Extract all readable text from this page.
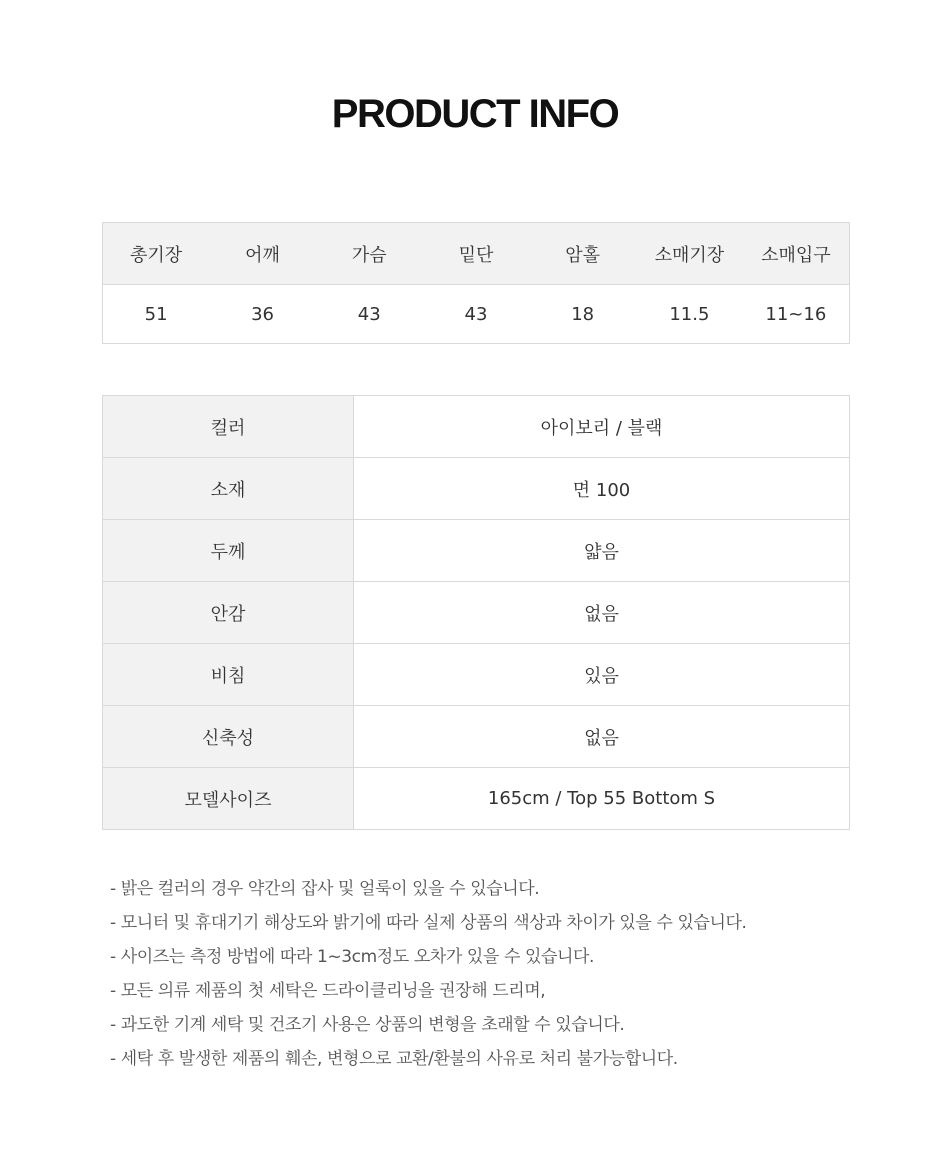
PRODUCT INFO
총기장	어깨	가슴	밑단	암홀	소매기장	소매입구
51	36	43	43	18	11.5	11~16
컬러	아이보리 / 블랙
소재	면 100
두께	얇음
안감	없음
비침	있음
신축성	없음
모델사이즈	165cm / Top 55 Bottom S
- 밝은 컬러의 경우 약간의 잡사 및 얼룩이 있을 수 있습니다.
- 모니터 및 휴대기기 해상도와 밝기에 따라 실제 상품의 색상과 차이가 있을 수 있습니다.
- 사이즈는 측정 방법에 따라 1~3cm정도 오차가 있을 수 있습니다.
- 모든 의류 제품의 첫 세탁은 드라이클리닝을 권장해 드리며,
- 과도한 기계 세탁 및 건조기 사용은 상품의 변형을 초래할 수 있습니다.
- 세탁 후 발생한 제품의 훼손, 변형으로 교환/환불의 사유로 처리 불가능합니다.
